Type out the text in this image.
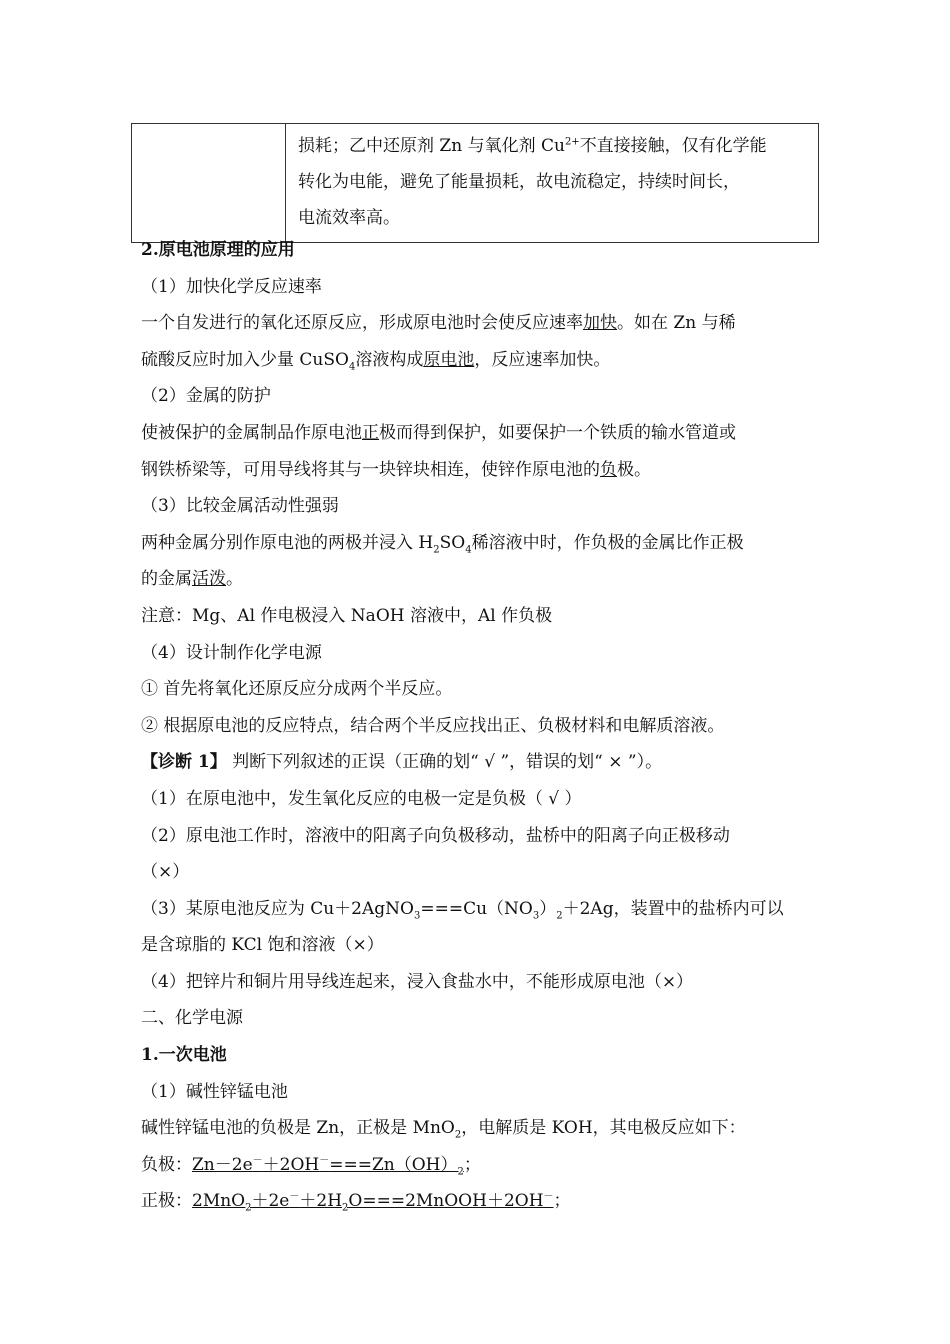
损耗；乙中还原剂 Zn 与氧化剂 $Cu^{2+}$不直接接触，仅有化学能
转化为电能，避免了能量损耗，故电流稳定，持续时间长，
电流效率高。
2.原电池原理的应用
（1）加快化学反应速率
一个自发进行的氧化还原反应，形成原电池时会使反应速率加快。如在 Zn 与稀
硫酸反应时加入少量 CuSO$_4$溶液构成原电池，反应速率加快。
（2）金属的防护
使被保护的金属制品作原电池正极而得到保护，如要保护一个铁质的输水管道或
钢铁桥梁等，可用导线将其与一块锌块相连，使锌作原电池的负极。
（3）比较金属活动性强弱
两种金属分别作原电池的两极并浸入 $H_2SO_4$稀溶液中时，作负极的金属比作正极
的金属活泼。
注意：Mg、Al 作电极浸入 NaOH 溶液中，Al 作负极
（4）设计制作化学电源
① 首先将氧化还原反应分成两个半反应。
② 根据原电池的反应特点，结合两个半反应找出正、负极材料和电解质溶液。
【诊断 1】 判断下列叙述的正误（正确的划“ √ ”，错误的划“ × ”）。
（1）在原电池中，发生氧化反应的电极一定是负极（ √ ）
（2）原电池工作时，溶液中的阳离子向负极移动，盐桥中的阳离子向正极移动
（×）
（3）某原电池反应为 $Cu+2AgNO_3===Cu(NO_3)_2+2Ag$，装置中的盐桥内可以
是含琼脂的 KCl 饱和溶液（×）
（4）把锌片和铜片用导线连起来，浸入食盐水中，不能形成原电池（×）
二、化学电源
1.一次电池
（1）碱性锌锰电池
碱性锌锰电池的负极是 Zn，正极是 MnO$_2$，电解质是 KOH，其电极反应如下：
负极：$Zn-2e^-+2OH^-===Zn(OH)_2$；
正极：$2MnO_2+2e^-+2H_2O===2MnOOH+2OH^-$；
